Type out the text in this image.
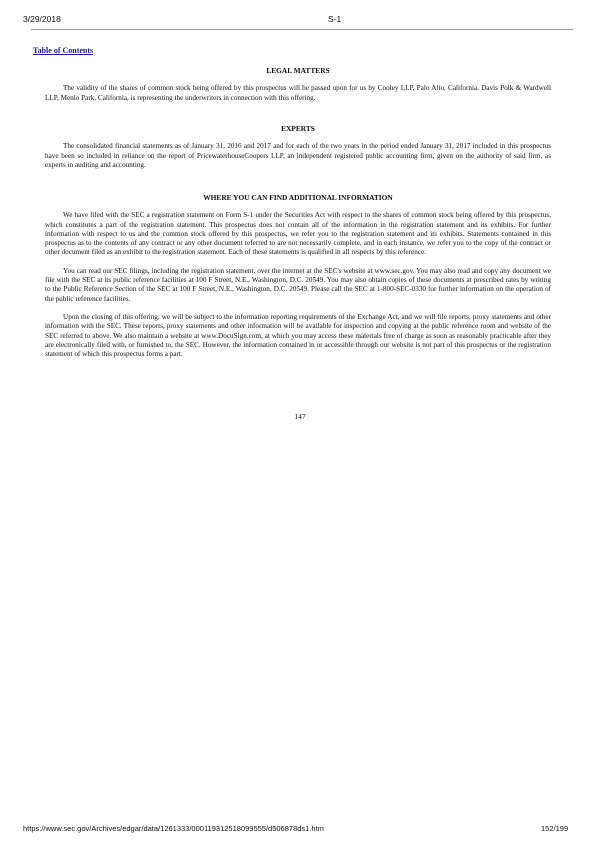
3/29/2018	S-1
Table of Contents
LEGAL MATTERS

The validity of the shares of common stock being offered by this prospectus will be passed upon for us by Cooley LLP, Palo Alto, California. Davis Polk & Wardwell LLP, Menlo Park, California, is representing the underwriters in connection with this offering.

EXPERTS

The consolidated financial statements as of January 31, 2016 and 2017 and for each of the two years in the period ended January 31, 2017 included in this prospectus have been so included in reliance on the report of PricewaterhouseCoopers LLP, an independent registered public accounting firm, given on the authority of said firm, as experts in auditing and accounting.

WHERE YOU CAN FIND ADDITIONAL INFORMATION

We have filed with the SEC a registration statement on Form S-1 under the Securities Act with respect to the shares of common stock being offered by this prospectus, which constitutes a part of the registration statement. This prospectus does not contain all of the information in the registration statement and its exhibits. For further information with respect to us and the common stock offered by this prospectus, we refer you to the registration statement and its exhibits. Statements contained in this prospectus as to the contents of any contract or any other document referred to are not necessarily complete, and in each instance, we refer you to the copy of the contract or other document filed as an exhibit to the registration statement. Each of these statements is qualified in all respects by this reference.

You can read our SEC filings, including the registration statement, over the internet at the SEC's website at www.sec.gov. You may also read and copy any document we file with the SEC at its public reference facilities at 100 F Street, N.E., Washington, D.C. 20549. You may also obtain copies of these documents at prescribed rates by writing to the Public Reference Section of the SEC at 100 F Street, N.E., Washington, D.C. 20549. Please call the SEC at 1-800-SEC-0330 for further information on the operation of the public reference facilities.

Upon the closing of this offering, we will be subject to the information reporting requirements of the Exchange Act, and we will file reports, proxy statements and other information with the SEC. These reports, proxy statements and other information will be available for inspection and copying at the public reference room and website of the SEC referred to above. We also maintain a website at www.DocuSign.com, at which you may access these materials free of charge as soon as reasonably practicable after they are electronically filed with, or furnished to, the SEC. However, the information contained in or accessible through our website is not part of this prospectus or the registration statement of which this prospectus forms a part.

147
https://www.sec.gov/Archives/edgar/data/1261333/000119312518099555/d506878ds1.htm	152/199
